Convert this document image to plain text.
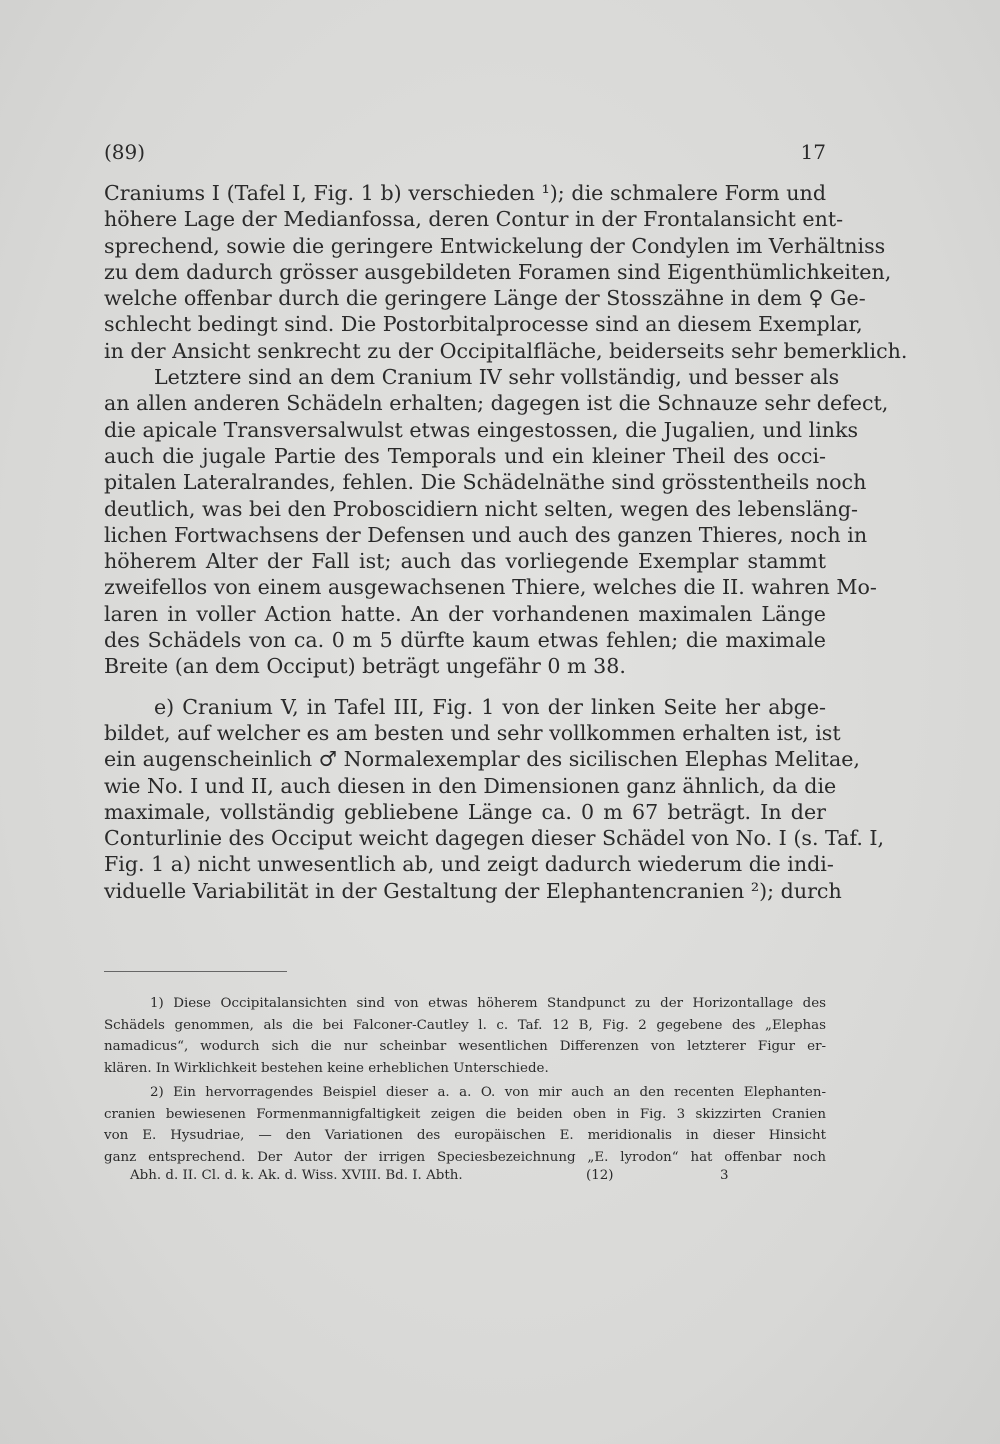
(89)	17
Craniums I (Tafel I, Fig. 1 b) verschieden ¹); die schmalere Form und
höhere Lage der Medianfossa, deren Contur in der Frontalansicht ent-
sprechend, sowie die geringere Entwickelung der Condylen im Verhältniss
zu dem dadurch grösser ausgebildeten Foramen sind Eigenthümlichkeiten,
welche offenbar durch die geringere Länge der Stosszähne in dem ♀ Ge-
schlecht bedingt sind. Die Postorbitalprocesse sind an diesem Exemplar,
in der Ansicht senkrecht zu der Occipitalfläche, beiderseits sehr bemerklich.
Letztere sind an dem Cranium IV sehr vollständig, und besser als
an allen anderen Schädeln erhalten; dagegen ist die Schnauze sehr defect,
die apicale Transversalwulst etwas eingestossen, die Jugalien, und links
auch die jugale Partie des Temporals und ein kleiner Theil des occi-
pitalen Lateralrandes, fehlen. Die Schädelnäthe sind grösstentheils noch
deutlich, was bei den Proboscidiern nicht selten, wegen des lebensläng-
lichen Fortwachsens der Defensen und auch des ganzen Thieres, noch in
höherem Alter der Fall ist; auch das vorliegende Exemplar stammt
zweifellos von einem ausgewachsenen Thiere, welches die II. wahren Mo-
laren in voller Action hatte. An der vorhandenen maximalen Länge
des Schädels von ca. 0 m 5 dürfte kaum etwas fehlen; die maximale
Breite (an dem Occiput) beträgt ungefähr 0 m 38.
e) Cranium V, in Tafel III, Fig. 1 von der linken Seite her abge-
bildet, auf welcher es am besten und sehr vollkommen erhalten ist, ist
ein augenscheinlich ♂ Normalexemplar des sicilischen Elephas Melitae,
wie No. I und II, auch diesen in den Dimensionen ganz ähnlich, da die
maximale, vollständig gebliebene Länge ca. 0 m 67 beträgt. In der
Conturlinie des Occiput weicht dagegen dieser Schädel von No. I (s. Taf. I,
Fig. 1 a) nicht unwesentlich ab, und zeigt dadurch wiederum die indi-
viduelle Variabilität in der Gestaltung der Elephantencranien ²); durch
1) Diese Occipitalansichten sind von etwas höherem Standpunct zu der Horizontallage des
Schädels genommen, als die bei Falconer-Cautley l. c. Taf. 12 B, Fig. 2 gegebene des „Elephas
namadicus“, wodurch sich die nur scheinbar wesentlichen Differenzen von letzterer Figur er-
klären. In Wirklichkeit bestehen keine erheblichen Unterschiede.
2) Ein hervorragendes Beispiel dieser a. a. O. von mir auch an den recenten Elephanten-
cranien bewiesenen Formenmannigfaltigkeit zeigen die beiden oben in Fig. 3 skizzirten Cranien
von E. Hysudriae, — den Variationen des europäischen E. meridionalis in dieser Hinsicht
ganz entsprechend. Der Autor der irrigen Speciesbezeichnung „E. lyrodon“ hat offenbar noch
Abh. d. II. Cl. d. k. Ak. d. Wiss. XVIII. Bd. I. Abth.	(12)	3
